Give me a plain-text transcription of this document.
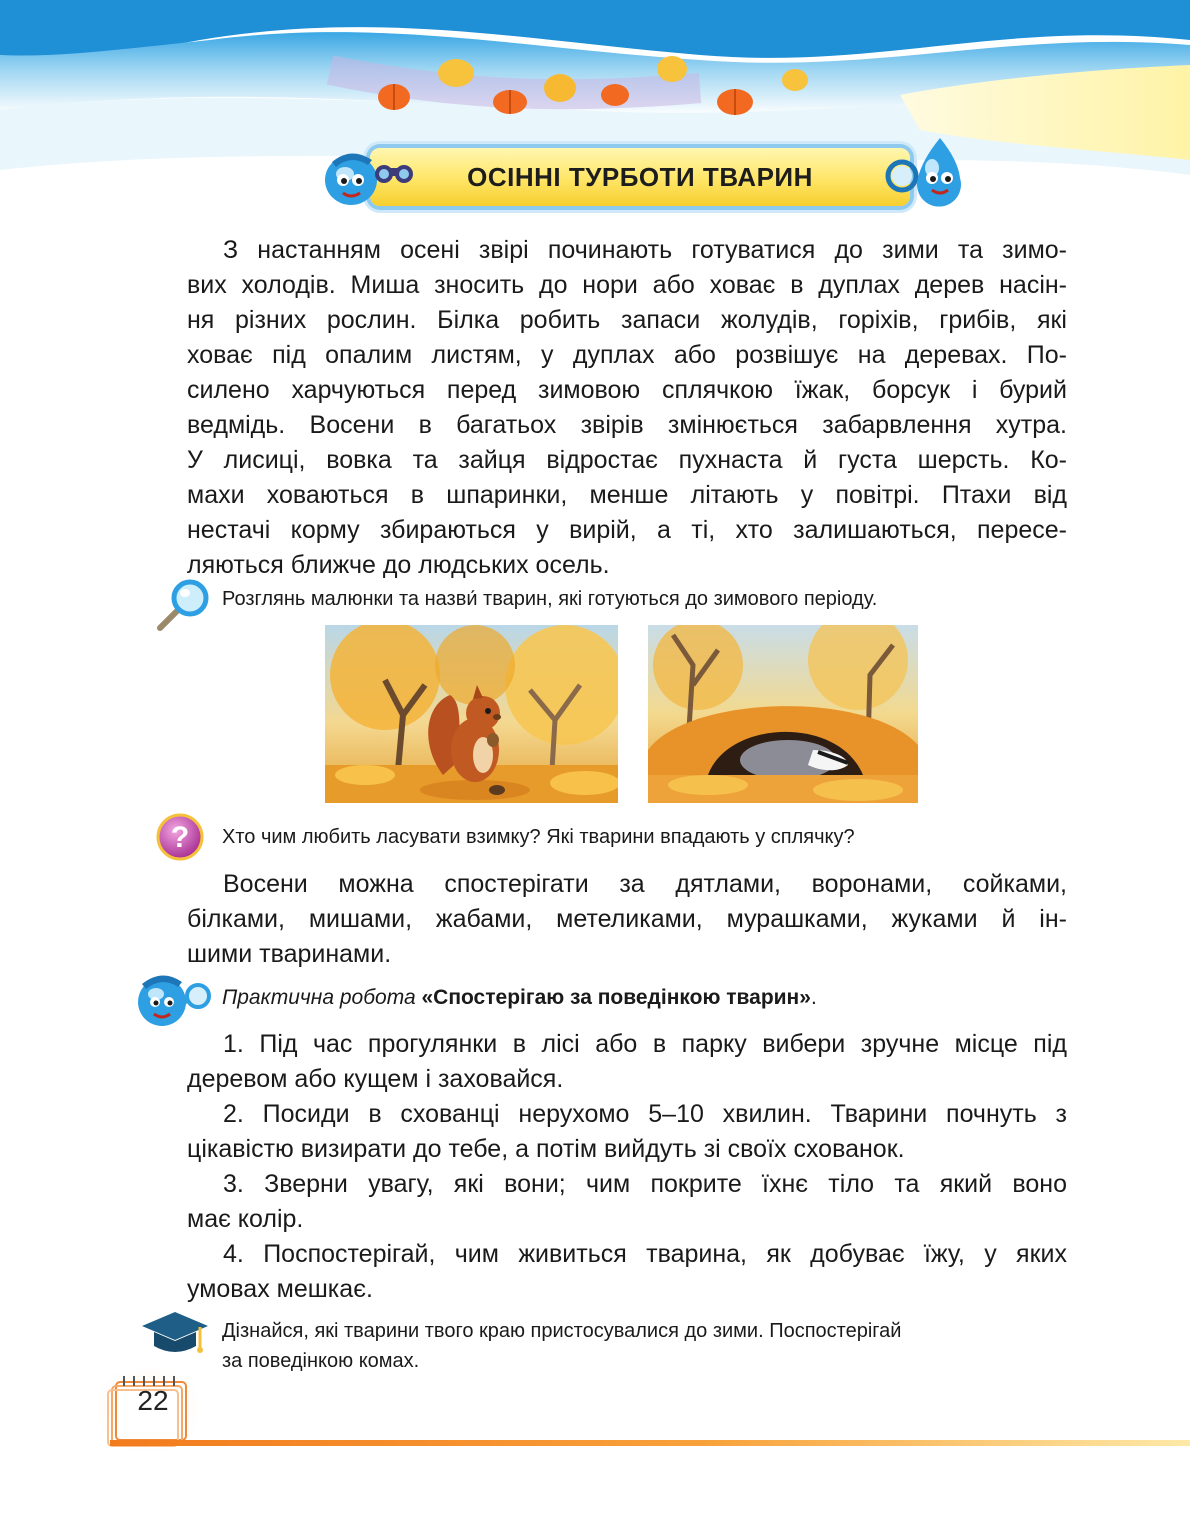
ОСІННІ ТУРБОТИ ТВАРИН
З настанням осені звірі починають готуватися до зими та зимо-
вих холодів. Миша зносить до нори або ховає в дуплах дерев насін-
ня різних рослин. Білка робить запаси жолудів, горіхів, грибів, які
ховає під опалим листям, у дуплах або розвішує на деревах. По-
силено харчуються перед зимовою сплячкою їжак, борсук і бурий
ведмідь. Восени в багатьох звірів змінюється забарвлення хутра.
У лисиці, вовка та зайця відростає пухнаста й густа шерсть. Ко-
махи ховаються в шпаринки, менше літають у повітрі. Птахи від
нестачі корму збираються у вирій, а ті, хто залишаються, пересе-
ляються ближче до людських осель.
Розглянь малюнки та назви́ тварин, які готуються до зимового періоду.
? Хто чим любить ласувати взимку? Які тварини впадають у сплячку?
Восени можна спостерігати за дятлами, воронами, сойками,
білками, мишами, жабами, метеликами, мурашками, жуками й ін-
шими тваринами.
Практична робота «Спостерігаю за поведінкою тварин».
1. Під час прогулянки в лісі або в парку вибери зручне місце під
деревом або кущем і заховайся.
2. Посиди в схованці нерухомо 5–10 хвилин. Тварини почнуть з
цікавістю визирати до тебе, а потім вийдуть зі своїх схованок.
3. Зверни увагу, які вони; чим покрите їхнє тіло та який воно
має колір.
4. Поспостерігай, чим живиться тварина, як добуває їжу, у яких
умовах мешкає.
Дізнайся, які тварини твого краю пристосувалися до зими. Поспостерігай
за поведінкою комах.
22
